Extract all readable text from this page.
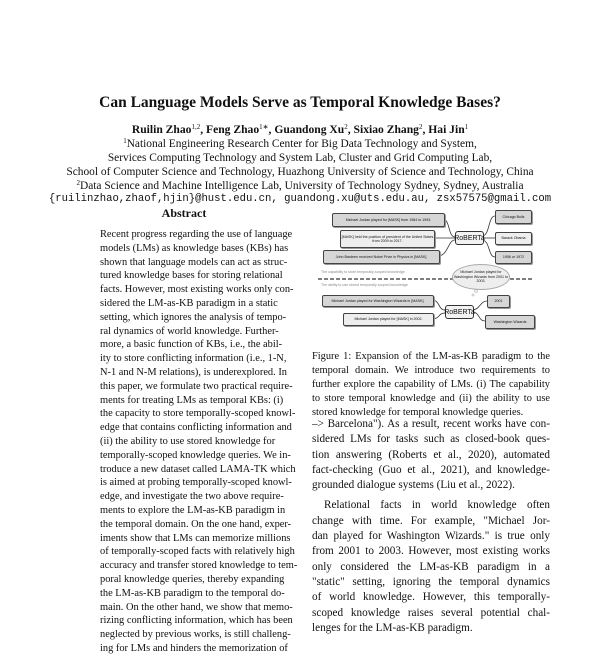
Can Language Models Serve as Temporal Knowledge Bases?
Ruilin Zhao$^{1,2}$, Feng Zhao$^{1∗}$, Guandong Xu$^2$, Sixiao Zhang$^2$, Hai Jin$^1$
$^1$National Engineering Research Center for Big Data Technology and System,
Services Computing Technology and System Lab, Cluster and Grid Computing Lab,
School of Computer Science and Technology, Huazhong University of Science and Technology, China
$^2$Data Science and Machine Intelligence Lab, University of Technology Sydney, Sydney, Australia
{ruilinzhao,zhaof,hjin}@hust.edu.cn, guandong.xu@uts.edu.au, zsx57575@gmail.com
Abstract
Recent progress regarding the use of language
models (LMs) as knowledge bases (KBs) has
shown that language models can act as struc-
tured knowledge bases for storing relational
facts. However, most existing works only con-
sidered the LM-as-KB paradigm in a static
setting, which ignores the analysis of tempo-
ral dynamics of world knowledge. Further-
more, a basic function of KBs, i.e., the abil-
ity to store conflicting information (i.e., 1-N,
N-1 and N-M relations), is underexplored. In
this paper, we formulate two practical require-
ments for treating LMs as temporal KBs: (i)
the capacity to store temporally-scoped knowl-
edge that contains conflicting information and
(ii) the ability to use stored knowledge for
temporally-scoped knowledge queries. We in-
troduce a new dataset called LAMA-TK which
is aimed at probing temporally-scoped knowl-
edge, and investigate the two above require-
ments to explore the LM-as-KB paradigm in
the temporal domain. On the one hand, exper-
iments show that LMs can memorize millions
of temporally-scoped facts with relatively high
accuracy and transfer stored knowledge to tem-
poral knowledge queries, thereby expanding
the LM-as-KB paradigm to the temporal do-
main. On the other hand, we show that memo-
rizing conflicting information, which has been
neglected by previous works, is still challeng-
ing for LMs and hinders the memorization of
Michael Jordan played for [MASK] from 1984 to 1993.
[MASK] held the position of president of the United States from 2009 to 2017.
John Bardeen received Nobel Prize in Physics in [MASK].
RoBERTa
Chicago Bulls
Barack Obama
1956 or 1972
The capability to store temporally-scoped knowledge
The ability to use stored temporally-scoped knowledge
Michael Jordan played for Washington Wizards from 2001 to 2003.
Michael Jordan played for Washington Wizards in [MASK].
Michael Jordan played for [MASK] in 2002.
RoBERTa
2001
Washington Wizards
Figure 1: Expansion of the LM-as-KB paradigm to the
temporal domain. We introduce two requirements to
further explore the capability of LMs. (i) The capability
to store temporal knowledge and (ii) the ability to use
stored knowledge for temporal knowledge queries.
–> Barcelona"). As a result, recent works have con-
sidered LMs for tasks such as closed-book ques-
tion answering (Roberts et al., 2020), automated
fact-checking (Guo et al., 2021), and knowledge-
grounded dialogue systems (Liu et al., 2022).
Relational facts in world knowledge often
change with time. For example, "Michael Jor-
dan played for Washington Wizards." is true only
from 2001 to 2003. However, most existing works
only considered the LM-as-KB paradigm in a
"static" setting, ignoring the temporal dynamics
of world knowledge. However, this temporally-
scoped knowledge raises several potential chal-
lenges for the LM-as-KB paradigm.
